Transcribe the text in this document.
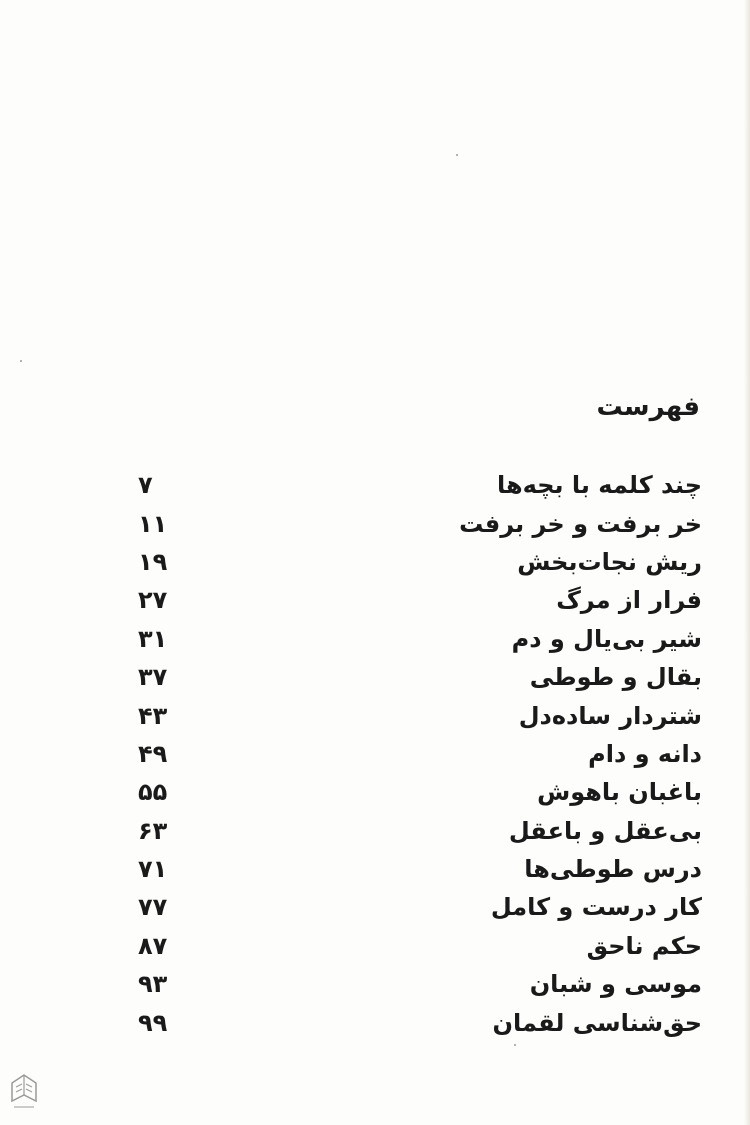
فهرست
چند کلمه با بچه‌ها
۷
خر برفت و خر برفت
۱۱
ریش نجات‌بخش
۱۹
فرار از مرگ
۲۷
شیر بی‌یال و دم
۳۱
بقال و طوطی
۳۷
شتردار ساده‌دل
۴۳
دانه و دام
۴۹
باغبان باهوش
۵۵
بی‌عقل و باعقل
۶۳
درس طوطی‌ها
۷۱
کار درست و کامل
۷۷
حکم ناحق
۸۷
موسی و شبان
۹۳
حق‌شناسی لقمان
۹۹
